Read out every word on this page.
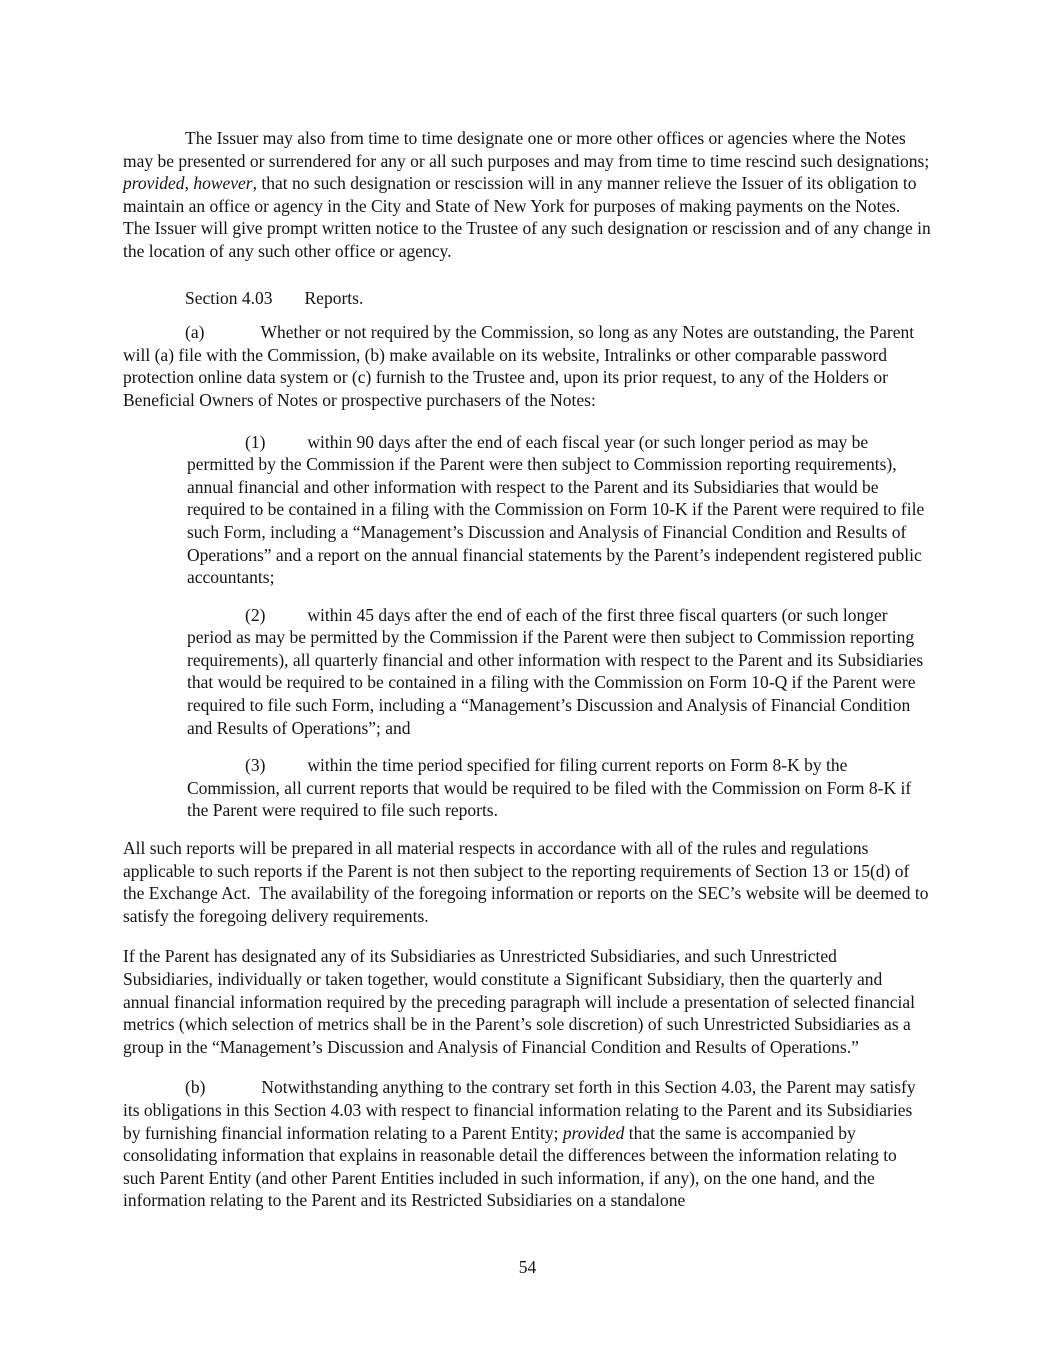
The Issuer may also from time to time designate one or more other offices or agencies where the Notes may be presented or surrendered for any or all such purposes and may from time to time rescind such designations; provided, however, that no such designation or rescission will in any manner relieve the Issuer of its obligation to maintain an office or agency in the City and State of New York for purposes of making payments on the Notes.  The Issuer will give prompt written notice to the Trustee of any such designation or rescission and of any change in the location of any such other office or agency.
Section 4.03 Reports.
(a)	Whether or not required by the Commission, so long as any Notes are outstanding, the Parent will (a) file with the Commission, (b) make available on its website, Intralinks or other comparable password protection online data system or (c) furnish to the Trustee and, upon its prior request, to any of the Holders or Beneficial Owners of Notes or prospective purchasers of the Notes:
(1) within 90 days after the end of each fiscal year (or such longer period as may be permitted by the Commission if the Parent were then subject to Commission reporting requirements), annual financial and other information with respect to the Parent and its Subsidiaries that would be required to be contained in a filing with the Commission on Form 10-K if the Parent were required to file such Form, including a “Management’s Discussion and Analysis of Financial Condition and Results of Operations” and a report on the annual financial statements by the Parent’s independent registered public accountants;
(2) within 45 days after the end of each of the first three fiscal quarters (or such longer period as may be permitted by the Commission if the Parent were then subject to Commission reporting requirements), all quarterly financial and other information with respect to the Parent and its Subsidiaries that would be required to be contained in a filing with the Commission on Form 10-Q if the Parent were required to file such Form, including a “Management’s Discussion and Analysis of Financial Condition and Results of Operations”; and
(3) within the time period specified for filing current reports on Form 8-K by the Commission, all current reports that would be required to be filed with the Commission on Form 8-K if the Parent were required to file such reports.
All such reports will be prepared in all material respects in accordance with all of the rules and regulations applicable to such reports if the Parent is not then subject to the reporting requirements of Section 13 or 15(d) of the Exchange Act.  The availability of the foregoing information or reports on the SEC’s website will be deemed to satisfy the foregoing delivery requirements.
If the Parent has designated any of its Subsidiaries as Unrestricted Subsidiaries, and such Unrestricted Subsidiaries, individually or taken together, would constitute a Significant Subsidiary, then the quarterly and annual financial information required by the preceding paragraph will include a presentation of selected financial metrics (which selection of metrics shall be in the Parent’s sole discretion) of such Unrestricted Subsidiaries as a group in the “Management’s Discussion and Analysis of Financial Condition and Results of Operations.”
(b)	Notwithstanding anything to the contrary set forth in this Section 4.03, the Parent may satisfy its obligations in this Section 4.03 with respect to financial information relating to the Parent and its Subsidiaries by furnishing financial information relating to a Parent Entity; provided that the same is accompanied by consolidating information that explains in reasonable detail the differences between the information relating to such Parent Entity (and other Parent Entities included in such information, if any), on the one hand, and the information relating to the Parent and its Restricted Subsidiaries on a standalone
54
